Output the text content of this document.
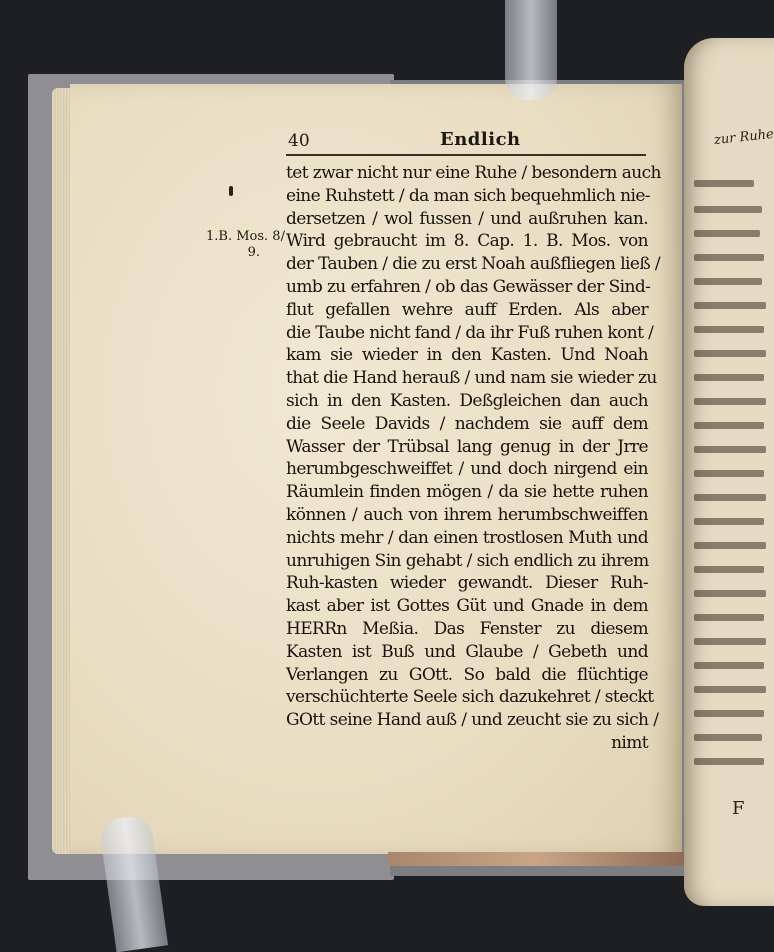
zur Ruhe
F
40	Endlich
1.B. Mos. 8/
9.
tet zwar nicht nur eine Ruhe / besondern auch
eine Ruhstett / da man sich bequehmlich nie-
dersetzen / wol fussen / und außruhen kan.
Wird gebraucht im 8. Cap. 1. B. Mos. von
der Tauben / die zu erst Noah außfliegen ließ /
umb zu erfahren / ob das Gewässer der Sind-
flut gefallen wehre auff Erden. Als aber
die Taube nicht fand / da ihr Fuß ruhen kont /
kam sie wieder in den Kasten. Und Noah
that die Hand herauß / und nam sie wieder zu
sich in den Kasten. Deßgleichen dan auch
die Seele Davids / nachdem sie auff dem
Wasser der Trübsal lang genug in der Jrre
herumbgeschweiffet / und doch nirgend ein
Räumlein finden mögen / da sie hette ruhen
können / auch von ihrem herumbschweiffen
nichts mehr / dan einen trostlosen Muth und
unruhigen Sin gehabt / sich endlich zu ihrem
Ruh-kasten wieder gewandt. Dieser Ruh-
kast aber ist Gottes Güt und Gnade in dem
HERRn Meßia. Das Fenster zu diesem
Kasten ist Buß und Glaube / Gebeth und
Verlangen zu GOtt. So bald die flüchtige
verschüchterte Seele sich dazukehret / steckt
GOtt seine Hand auß / und zeucht sie zu sich /
nimt
